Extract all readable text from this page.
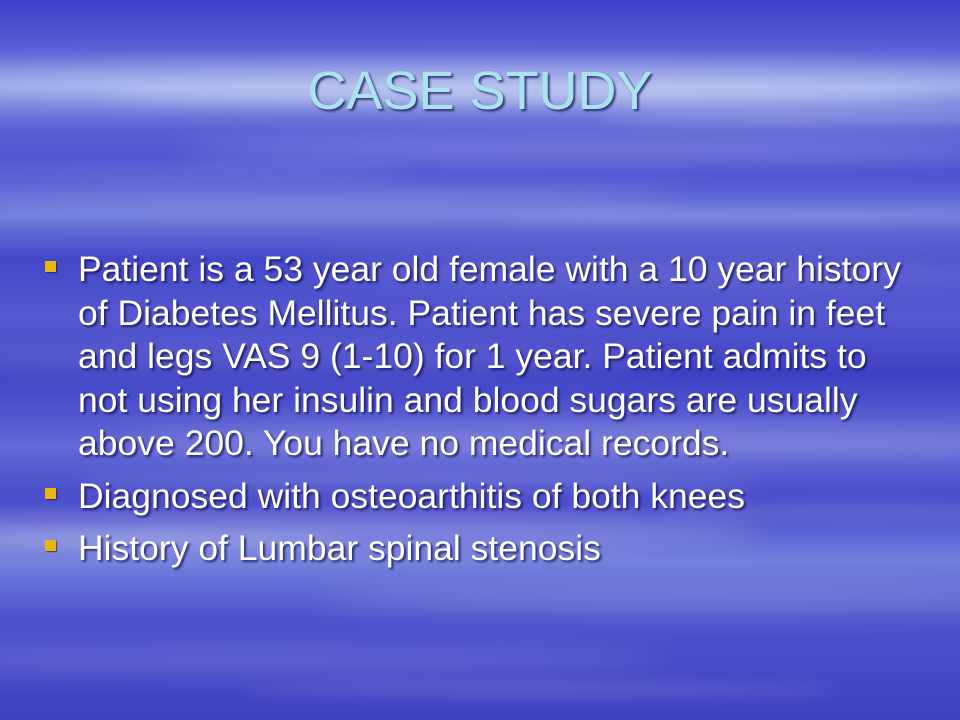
CASE STUDY
Patient is a 53 year old female with a 10 year history of Diabetes Mellitus. Patient has severe pain in feet and legs VAS 9 (1-10) for 1 year. Patient admits to not using her insulin and blood sugars are usually above 200. You have no medical records.
Diagnosed with osteoarthitis of both knees
History of Lumbar spinal stenosis
